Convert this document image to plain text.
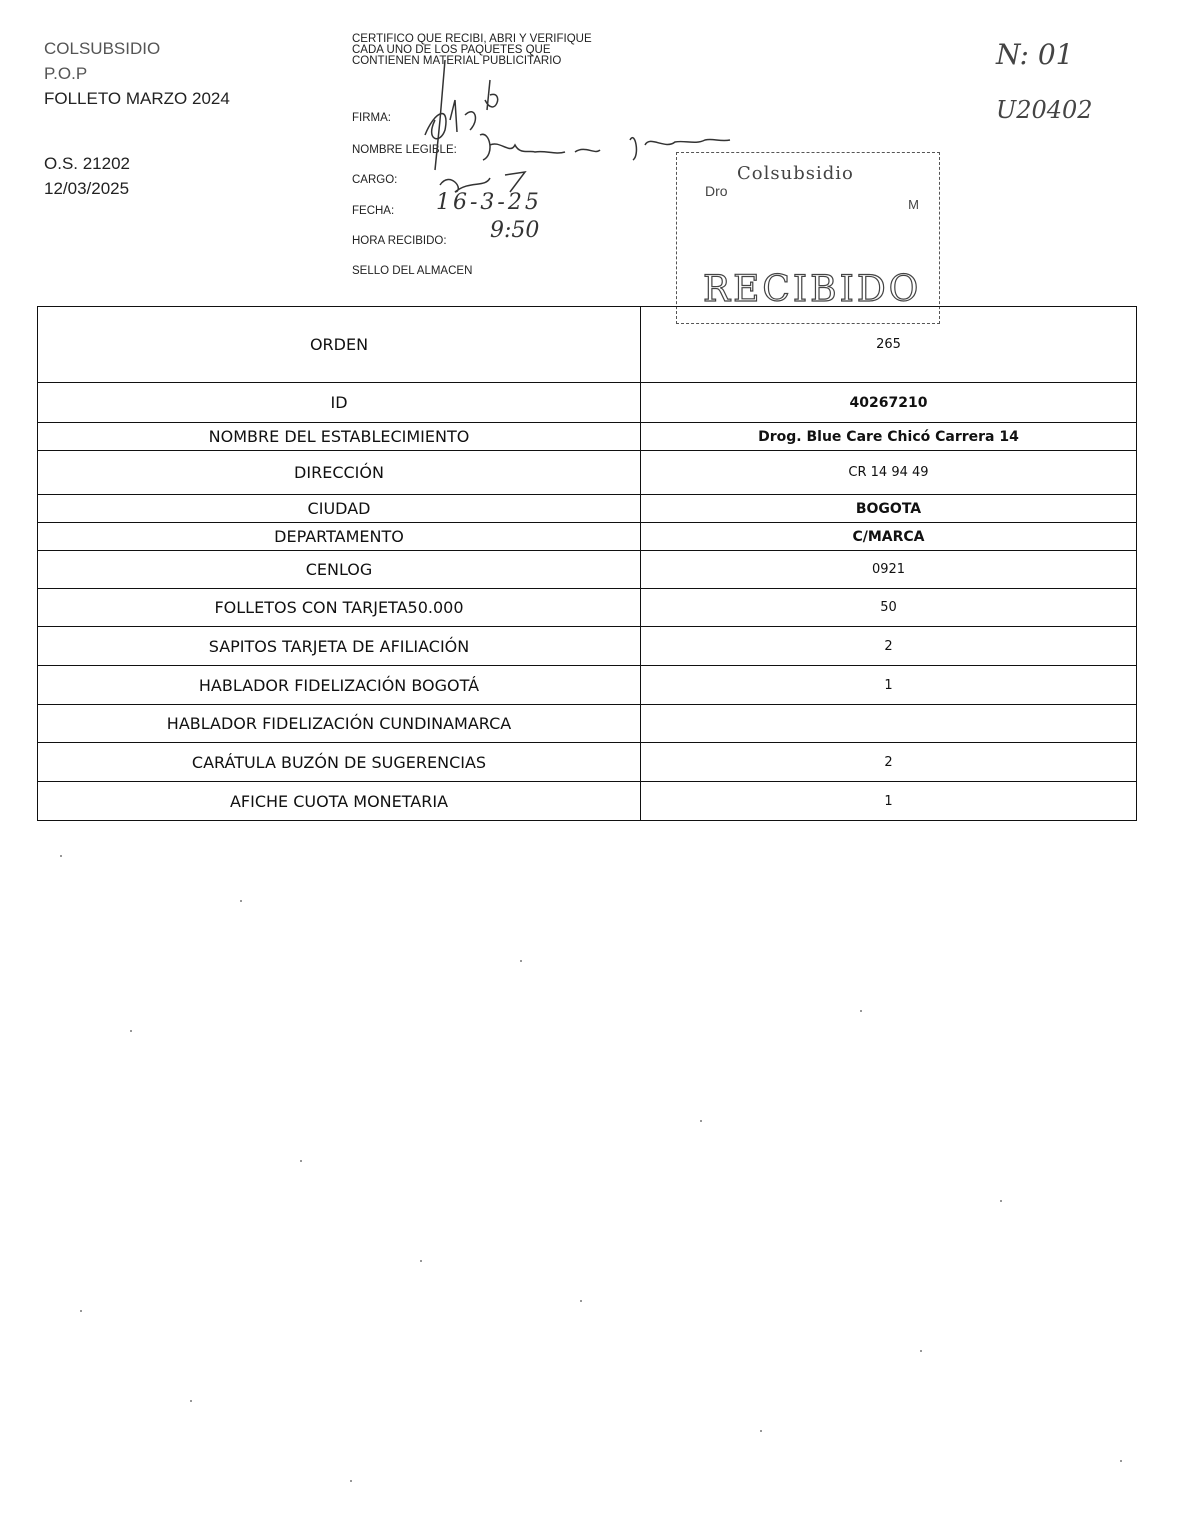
COLSUBSIDIO
P.O.P
FOLLETO MARZO 2024
O.S. 21202
12/03/2025
CERTIFICO QUE RECIBI, ABRI Y VERIFIQUE CADA UNO DE LOS PAQUETES QUE CONTIENEN MATERIAL PUBLICITARIO
FIRMA:
NOMBRE LEGIBLE:
CARGO:
FECHA:
HORA RECIBIDO:
SELLO DEL ALMACEN
16-3-25
9:50
Colsubsidio
Dro
M
RECIBIDO
N: 01
U20402
ORDEN	265
ID	40267210
NOMBRE DEL ESTABLECIMIENTO	Drog. Blue Care Chicó Carrera 14
DIRECCIÓN	CR 14 94 49
CIUDAD	BOGOTA
DEPARTAMENTO	C/MARCA
CENLOG	0921
FOLLETOS CON TARJETA50.000	50
SAPITOS TARJETA DE AFILIACIÓN	2
HABLADOR FIDELIZACIÓN BOGOTÁ	1
HABLADOR FIDELIZACIÓN CUNDINAMARCA	
CARÁTULA BUZÓN DE SUGERENCIAS	2
AFICHE CUOTA MONETARIA	1
